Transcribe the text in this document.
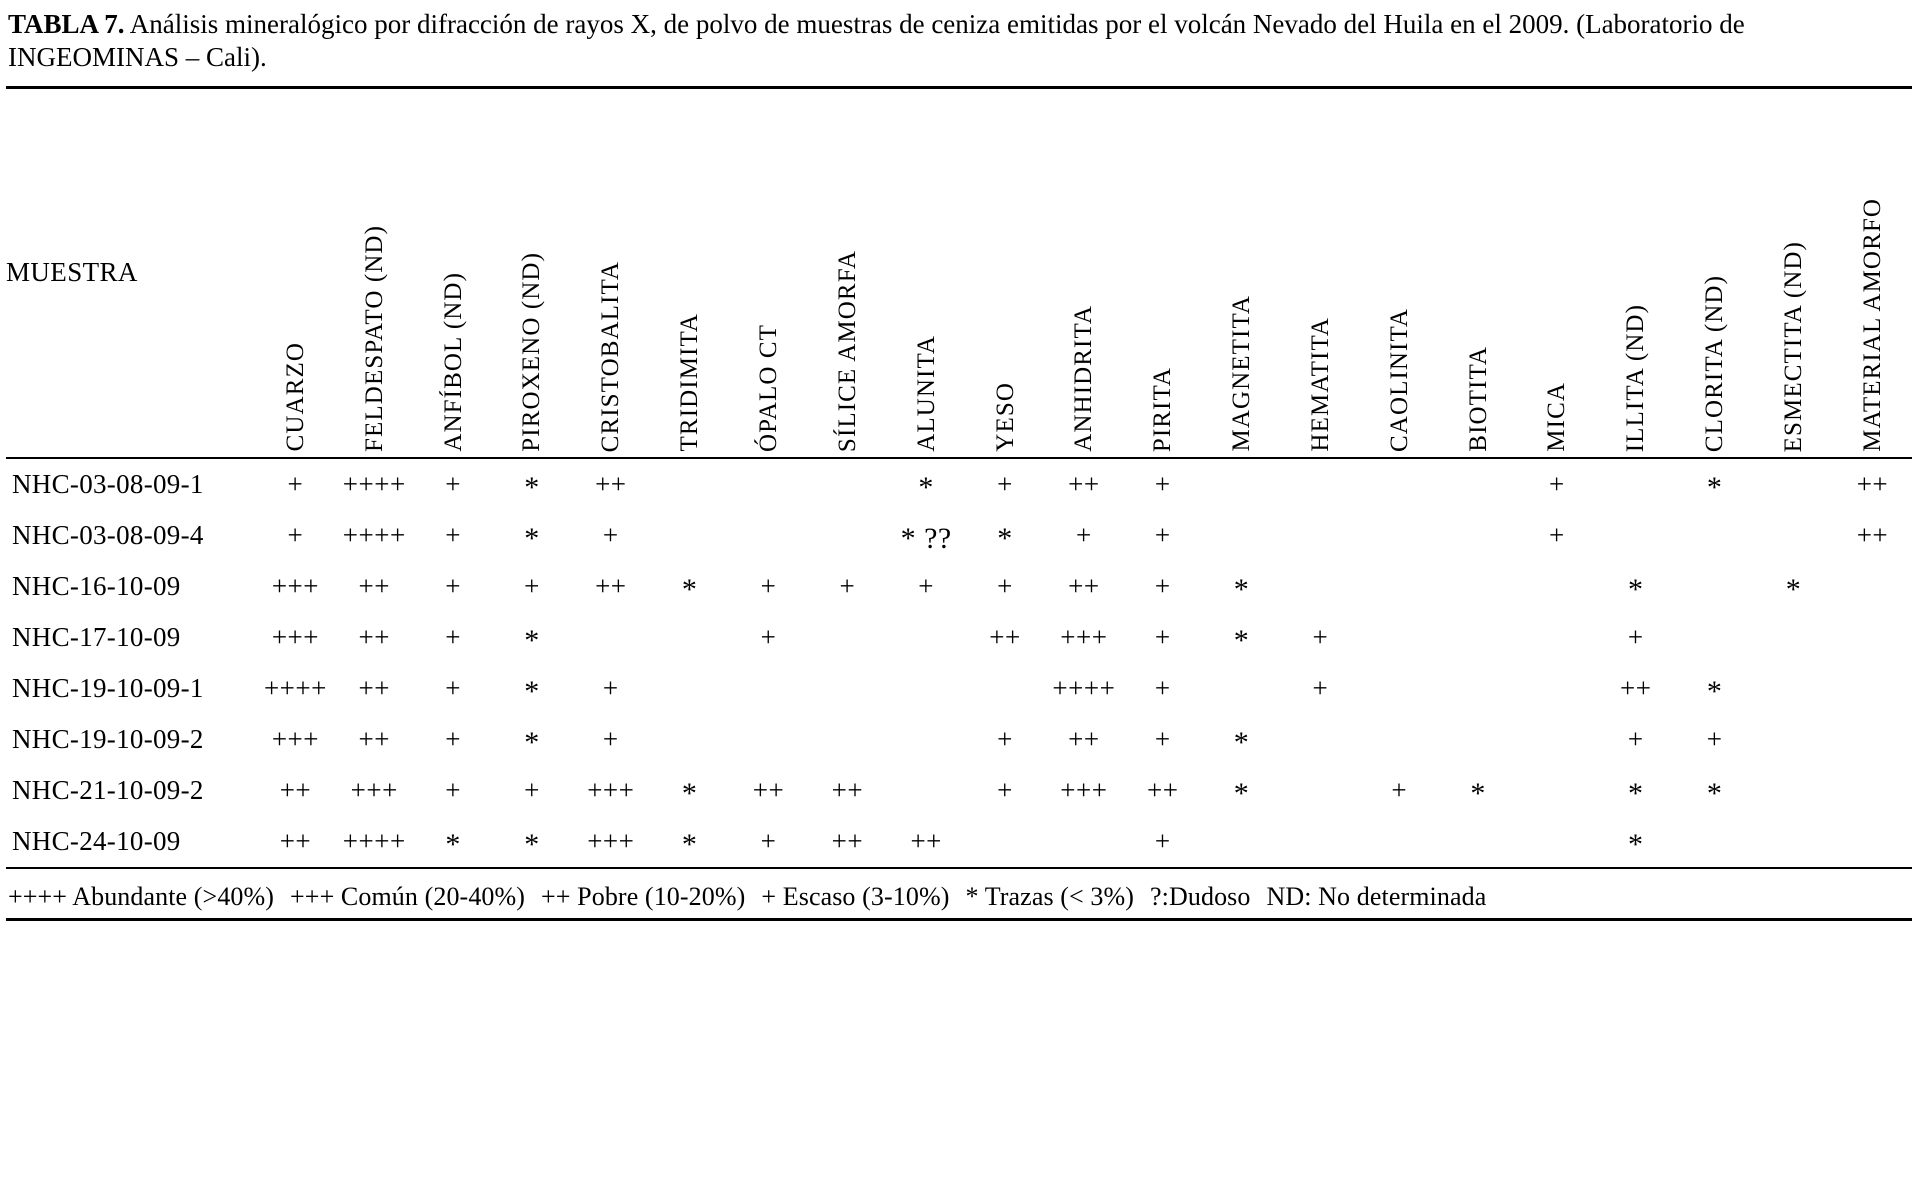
TABLA 7. Análisis mineralógico por difracción de rayos X, de polvo de muestras de ceniza emitidas por el volcán Nevado del Huila en el 2009. (Laboratorio de INGEOMINAS – Cali).
MUESTRA	CUARZO	FELDESPATO (ND)	ANFÍBOL (ND)	PIROXENO (ND)	CRISTOBALITA	TRIDIMITA	ÓPALO CT	SÍLICE AMORFA	ALUNITA	YESO	ANHIDRITA	PIRITA	MAGNETITA	HEMATITA	CAOLINITA	BIOTITA	MICA	ILLITA (ND)	CLORITA (ND)	ESMECTITA (ND)	MATERIAL AMORFO
NHC-03-08-09-1	+	++++	+	*	++				*	+	++	+					+		*		++
NHC-03-08-09-4	+	++++	+	*	+				* ??	*	+	+					+				++
NHC-16-10-09	+++	++	+	+	++	*	+	+	+	+	++	+	*					*		*	
NHC-17-10-09	+++	++	+	*			+			++	+++	+	*	+				+			
NHC-19-10-09-1	++++	++	+	*	+						++++	+		+				++	*		
NHC-19-10-09-2	+++	++	+	*	+					+	++	+	*					+	+		
NHC-21-10-09-2	++	+++	+	+	+++	*	++	++		+	+++	++	*		+	*		*	*		
NHC-24-10-09	++	++++	*	*	+++	*	+	++	++			+						*			
++++ Abundante (>40%) +++ Común (20-40%) ++ Pobre (10-20%) + Escaso (3-10%) * Trazas (< 3%) ?:Dudoso ND: No determinada
